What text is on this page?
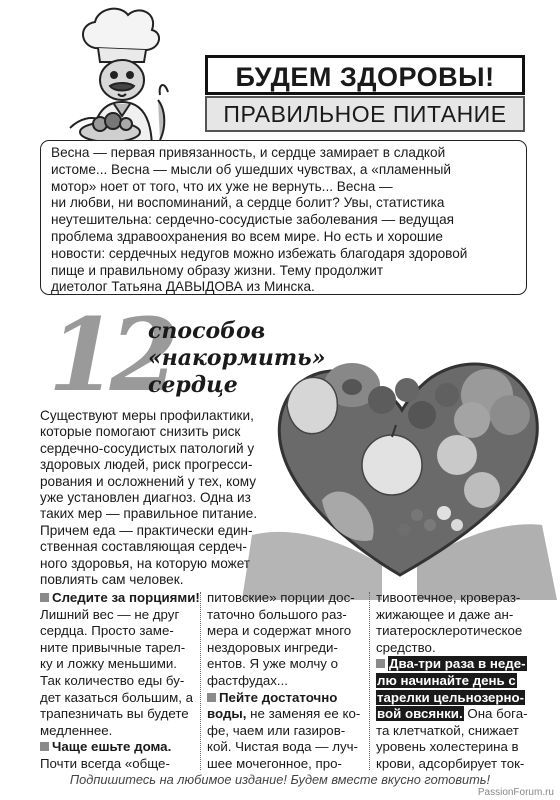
БУДЕМ ЗДОРОВЫ!
ПРАВИЛЬНОЕ ПИТАНИЕ
Весна — первая привязанность, и сердце замирает в сладкой
истоме... Весна — мысли об ушедших чувствах, а «пламенный
мотор» ноет от того, что их уже не вернуть... Весна —
ни любви, ни воспоминаний, а сердце болит? Увы, статистика
неутешительна: сердечно-сосудистые заболевания — ведущая
проблема здравоохранения во всем мире. Но есть и хорошие
новости: сердечных недугов можно избежать благодаря здоровой
пище и правильному образу жизни. Тему продолжит
диетолог Татьяна ДАВЫДОВА из Минска.
12
способов
«накормить»
сердце
Существуют меры профилактики,
которые помогают снизить риск
сердечно-сосудистых патологий у
здоровых людей, риск прогресси-
рования и осложнений у тех, кому
уже установлен диагноз. Одна из
таких мер — правильное питание.
Причем еда — практически един-
ственная составляющая сердеч-
ного здоровья, на которую может
повлиять сам человек.
Следите за порциями!
Лишний вес — не друг
сердца. Просто заме-
ните привычные тарел-
ку и ложку меньшими.
Так количество еды бу-
дет казаться большим, а
трапезничать вы будете
медленнее.
Чаще ешьте дома.
Почти всегда «обще-
питовские» порции дос-
таточно большого раз-
мера и содержат много
нездоровых ингреди-
ентов. Я уже молчу о
фастфудах...
Пейте достаточно
воды, не заменяя ее ко-
фе, чаем или газиров-
кой. Чистая вода — луч-
шее мочегонное, про-
тивоотечное, кровераз-
жижающее и даже ан-
тиатеросклеротическое
средство.
Два-три раза в неде-
лю начинайте день с
тарелки цельнозерно-
вой овсянки. Она бога-
та клетчаткой, снижает
уровень холестерина в
крови, адсорбирует ток-
Подпишитесь на любимое издание! Будем вместе вкусно готовить!
PassionForum.ru
